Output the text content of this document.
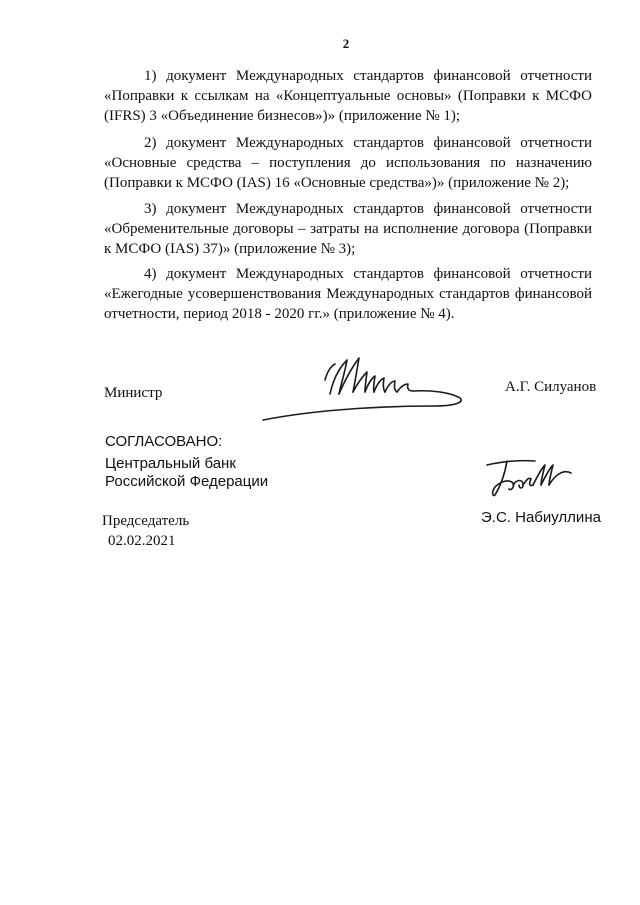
2

1) документ Международных стандартов финансовой отчетности «Поправки к ссылкам на «Концептуальные основы» (Поправки к МСФО (IFRS) 3 «Объединение бизнесов»)» (приложение № 1);

2) документ Международных стандартов финансовой отчетности «Основные средства – поступления до использования по назначению (Поправки к МСФО (IAS) 16 «Основные средства»)» (приложение № 2);

3) документ Международных стандартов финансовой отчетности «Обременительные договоры – затраты на исполнение договора (Поправки к МСФО (IAS) 37)» (приложение № 3);

4) документ Международных стандартов финансовой отчетности «Ежегодные усовершенствования Международных стандартов финансовой отчетности, период 2018 - 2020 гг.» (приложение № 4).

Министр	А.Г. Силуанов
СОГЛАСОВАНО:
Центральный банк
Российской Федерации
Председатель
02.02.2021
Э.С. Набиуллина
